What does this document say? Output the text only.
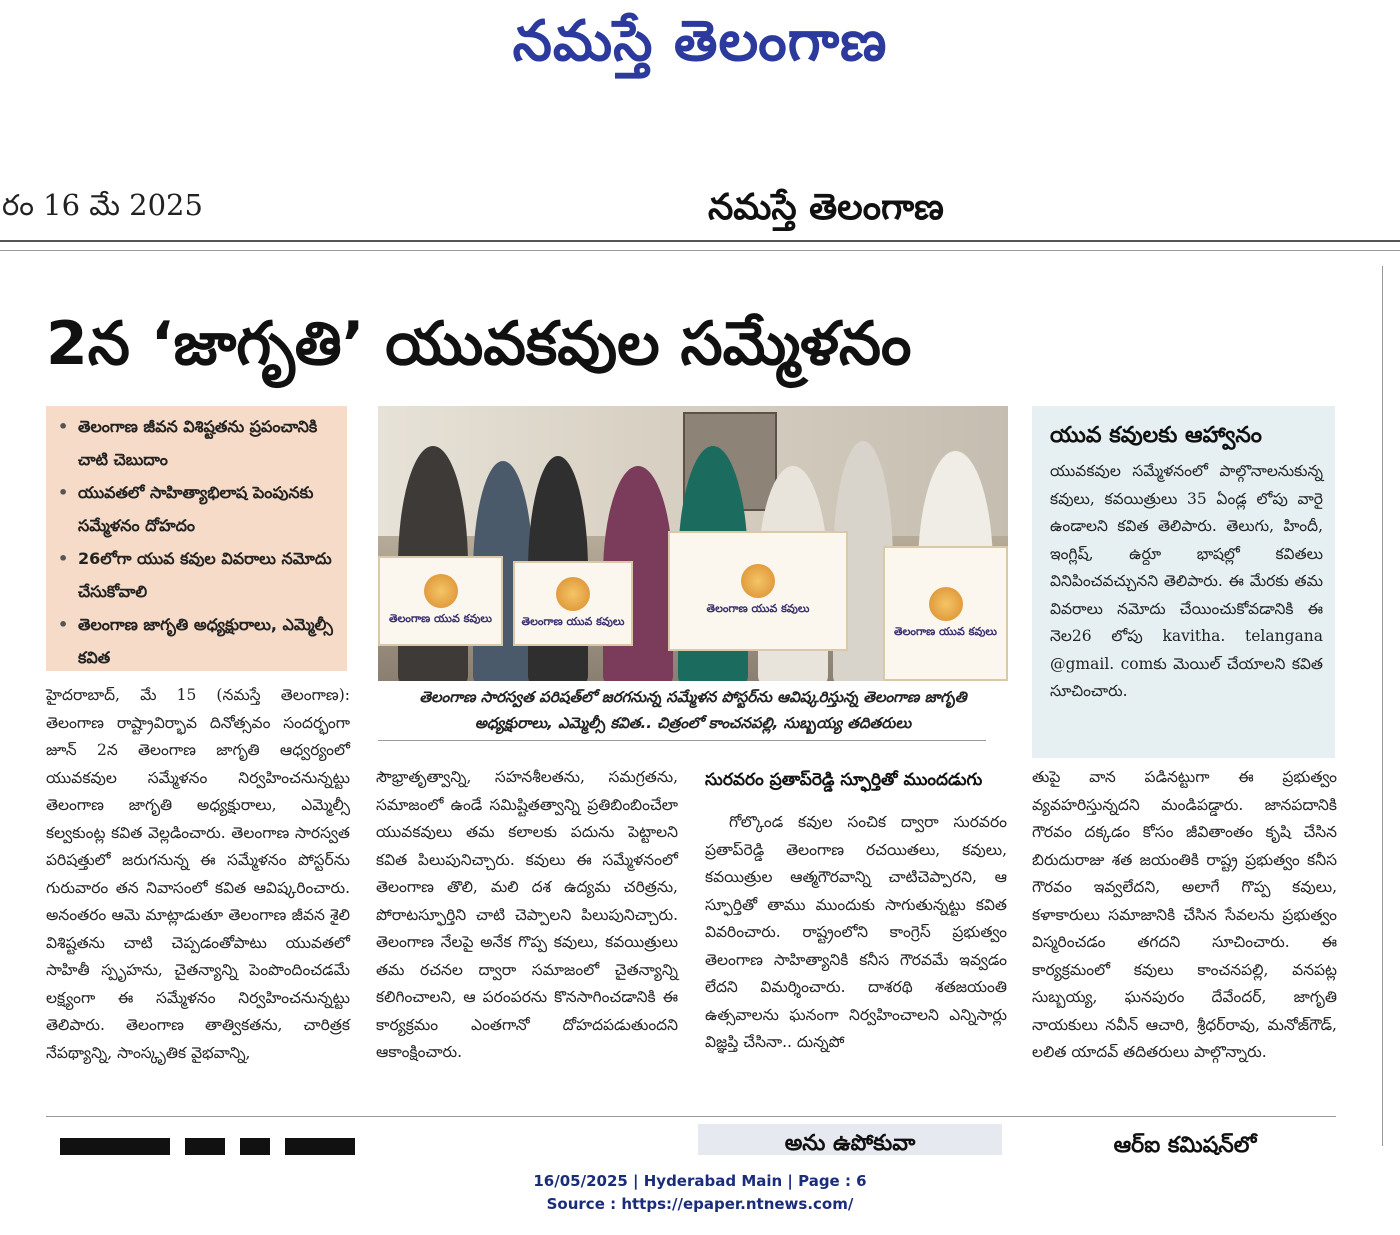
నమస్తే తెలంగాణ
రం 16 మే 2025	నమస్తే తెలంగాణ
2న ‘జాగృతి’ యువకవుల సమ్మేళనం
• తెలంగాణ జీవన విశిష్టతను ప్రపంచానికి చాటి చెబుదాం
• యువతలో సాహిత్యాభిలాష పెంపునకు సమ్మేళనం దోహదం
• 26లోగా యువ కవుల వివరాలు నమోదు చేసుకోవాలి
• తెలంగాణ జాగృతి అధ్యక్షురాలు, ఎమ్మెల్సీ కవిత
తెలంగాణ యువ కవులు	తెలంగాణ యువ కవులు
తెలంగాణ యువ కవులు
తెలంగాణ యువ కవులు
తెలంగాణ సారస్వత పరిషత్‌లో జరగనున్న సమ్మేళన పోస్టర్‌ను ఆవిష్కరిస్తున్న తెలంగాణ జాగృతి అధ్యక్షురాలు, ఎమ్మెల్సీ కవిత.. చిత్రంలో కాంచనపల్లి, సుబ్బయ్య తదితరులు
యువ కవులకు ఆహ్వానం
యువకవుల సమ్మేళనంలో పాల్గొనాలనుకున్న కవులు, కవయిత్రులు 35 ఏండ్ల లోపు వారై ఉండాలని కవిత తెలిపారు. తెలుగు, హిందీ, ఇంగ్లిష్, ఉర్దూ భాషల్లో కవితలు వినిపించవచ్చునని తెలిపారు. ఈ మేరకు తమ వివరాలు నమోదు చేయించుకోవడానికి ఈ నెల26 లోపు kavitha. telangana @gmail. comకు మెయిల్ చేయాలని కవిత సూచించారు.
హైదరాబాద్, మే 15 (నమస్తే తెలంగాణ): తెలంగాణ రాష్ట్రావిర్భావ దినోత్సవం సందర్భంగా జూన్ 2న తెలంగాణ జాగృతి ఆధ్వర్యంలో యువకవుల సమ్మేళనం నిర్వహించనున్నట్టు తెలంగాణ జాగృతి అధ్యక్షురాలు, ఎమ్మెల్సీ కల్వకుంట్ల కవిత వెల్లడించారు. తెలంగాణ సారస్వత పరిషత్తులో జరుగనున్న ఈ సమ్మేళనం పోస్టర్‌ను గురువారం తన నివాసంలో కవిత ఆవిష్కరించారు. అనంతరం ఆమె మాట్లాడుతూ తెలంగాణ జీవన శైలి విశిష్టతను చాటి చెప్పడంతోపాటు యువతలో సాహితీ స్పృహను, చైతన్యాన్ని పెంపొందించడమే లక్ష్యంగా ఈ సమ్మేళనం నిర్వహించనున్నట్టు తెలిపారు. తెలంగాణ తాత్వికతను, చారిత్రక నేపథ్యాన్ని, సాంస్కృతిక వైభవాన్ని,
సౌభ్రాతృత్వాన్ని, సహనశీలతను, సమగ్రతను, సమాజంలో ఉండే సమిష్టితత్వాన్ని ప్రతిబింబించేలా యువకవులు తమ కలాలకు పదును పెట్టాలని కవిత పిలుపునిచ్చారు. కవులు ఈ సమ్మేళనంలో తెలంగాణ తొలి, మలి దశ ఉద్యమ చరిత్రను, పోరాటస్ఫూర్తిని చాటి చెప్పాలని పిలుపునిచ్చారు. తెలంగాణ నేలపై అనేక గొప్ప కవులు, కవయిత్రులు తమ రచనల ద్వారా సమాజంలో చైతన్యాన్ని కలిగించాలని, ఆ పరంపరను కొనసాగించడానికి ఈ కార్యక్రమం ఎంతగానో దోహదపడుతుందని ఆకాంక్షించారు.
సురవరం ప్రతాప్‌రెడ్డి స్ఫూర్తితో ముందడుగు
గోల్కొండ కవుల సంచిక ద్వారా సురవరం ప్రతాప్‌రెడ్డి తెలంగాణ రచయితలు, కవులు, కవయిత్రుల ఆత్మగౌరవాన్ని చాటిచెప్పారని, ఆ స్ఫూర్తితో తాము ముందుకు సాగుతున్నట్టు కవిత వివరించారు. రాష్ట్రంలోని కాంగ్రెస్ ప్రభుత్వం తెలంగాణ సాహిత్యానికి కనీస గౌరవమే ఇవ్వడం లేదని విమర్శించారు. దాశరథి శతజయంతి ఉత్సవాలను ఘనంగా నిర్వహించాలని ఎన్నిసార్లు విజ్ఞప్తి చేసినా.. దున్నపో
తుపై వాన పడినట్టుగా ఈ ప్రభుత్వం వ్యవహరిస్తున్నదని మండిపడ్డారు. జానపదానికి గౌరవం దక్కడం కోసం జీవితాంతం కృషి చేసిన బిరుదురాజు శత జయంతికి రాష్ట్ర ప్రభుత్వం కనీస గౌరవం ఇవ్వలేదని, అలాగే గొప్ప కవులు, కళాకారులు సమాజానికి చేసిన సేవలను ప్రభుత్వం విస్మరించడం తగదని సూచించారు. ఈ కార్యక్రమంలో కవులు కాంచనపల్లి, వనపట్ల సుబ్బయ్య, ఘనపురం దేవేందర్, జాగృతి నాయకులు నవీన్ ఆచారి, శ్రీధర్‌రావు, మనోజ్‌గౌడ్, లలిత యాదవ్ తదితరులు పాల్గొన్నారు.
అను ఉపోకువా	ఆర్‌ఐ కమిషన్‌లో
16/05/2025 | Hyderabad Main | Page : 6
Source : https://epaper.ntnews.com/
